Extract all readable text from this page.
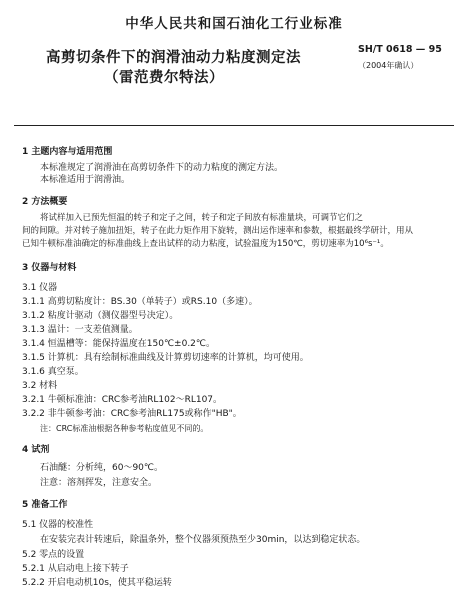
中华人民共和国石油化工行业标准
高剪切条件下的润滑油动力粘度测定法
（雷范费尔特法）
SH/T 0618 — 95
（2004年确认）
1 主题内容与适用范围
本标准规定了润滑油在高剪切条件下的动力粘度的测定方法。
本标准适用于润滑油。
2 方法概要
将试样加入已预先恒温的转子和定子之间，转子和定子间放有标准量块，可调节它们之
间的间隙。并对转子施加扭矩，转子在此力矩作用下旋转，测出运作速率和参数，根据最终学研计，用从
已知牛顿标准油确定的标准曲线上查出试样的动力粘度，试验温度为150℃，剪切速率为10⁶s⁻¹。
3 仪器与材料
3.1 仪器
3.1.1 高剪切粘度计：BS.30（单转子）或RS.10（多速）。
3.1.2 粘度计驱动（测仪器型号决定）。
3.1.3 温计：一支差值测量。
3.1.4 恒温槽等：能保持温度在150℃±0.2℃。
3.1.5 计算机：具有绘制标准曲线及计算剪切速率的计算机，均可使用。
3.1.6 真空泵。
3.2 材料
3.2.1 牛顿标准油：CRC参考油RL102～RL107。
3.2.2 非牛顿参考油：CRC参考油RL175或称作"HB"。
注：CRC标准油根据各种参考粘度值见不同的。
4 试剂
石油醚：分析纯，60～90℃。
注意：溶剂挥发，注意安全。
5 准备工作
5.1 仪器的校准性
在安装完表计转速后，除温条外，整个仪器须预热至少30min，以达到稳定状态。
5.2 零点的设置
5.2.1 从启动电上接下转子
5.2.2 开启电动机10s，使其平稳运转
